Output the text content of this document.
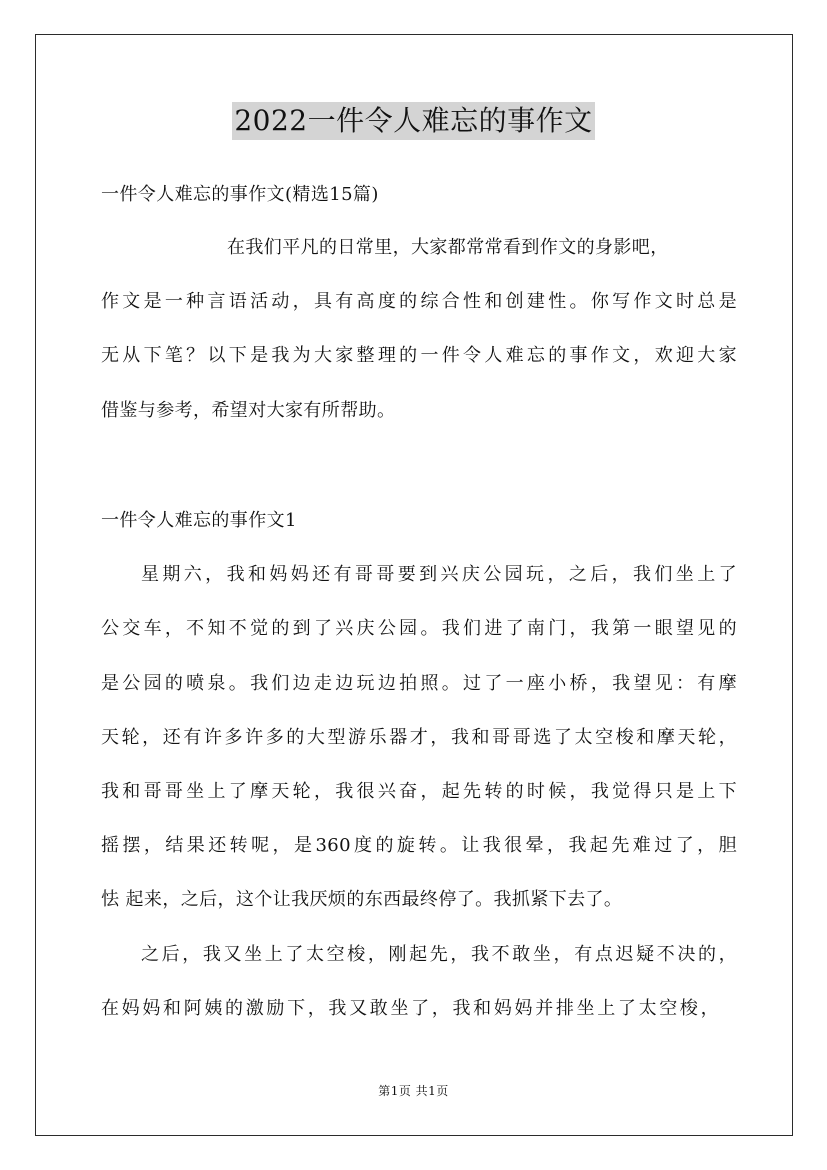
2022一件令人难忘的事作文
一件令人难忘的事作文(精选15篇)
在我们平凡的日常里，大家都常常看到作文的身影吧，
作文是一种言语活动，具有高度的综合性和创建性。你写作文时总是
无从下笔？以下是我为大家整理的一件令人难忘的事作文，欢迎大家
借鉴与参考，希望对大家有所帮助。
一件令人难忘的事作文1
星期六，我和妈妈还有哥哥要到兴庆公园玩，之后，我们坐上了
公交车，不知不觉的到了兴庆公园。我们进了南门，我第一眼望见的
是公园的喷泉。我们边走边玩边拍照。过了一座小桥，我望见：有摩
天轮，还有许多许多的大型游乐器才，我和哥哥选了太空梭和摩天轮，
我和哥哥坐上了摩天轮，我很兴奋，起先转的时候，我觉得只是上下
摇摆，结果还转呢，是360度的旋转。让我很晕，我起先难过了，胆
怯 起来，之后，这个让我厌烦的东西最终停了。我抓紧下去了。
之后，我又坐上了太空梭，刚起先，我不敢坐，有点迟疑不决的，
在妈妈和阿姨的激励下，我又敢坐了，我和妈妈并排坐上了太空梭，
第1页 共1页
